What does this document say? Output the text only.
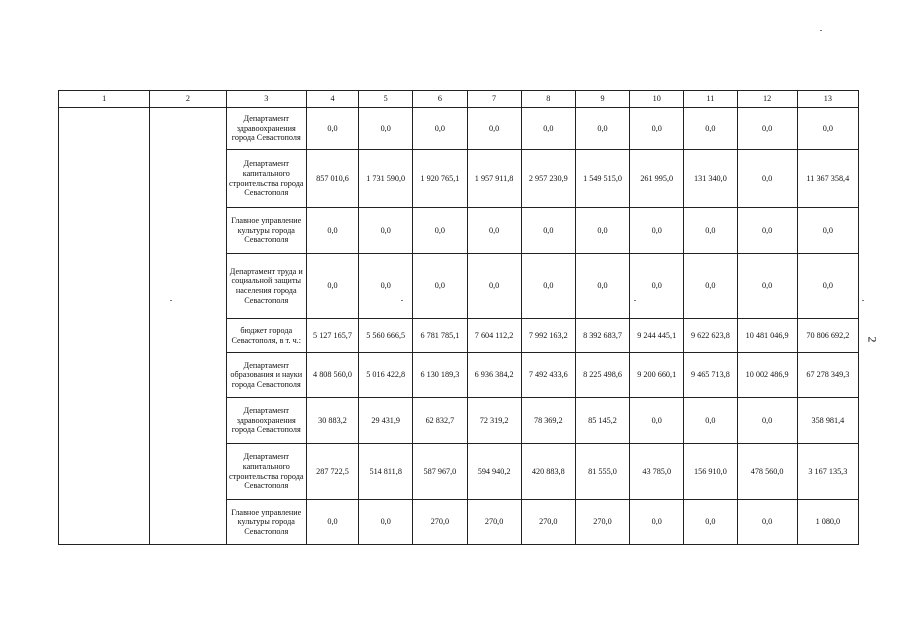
1	2	3	4	5	6	7	8	9	10	11	12	13
		Департамент здравоохранения города Севастополя	0,0	0,0	0,0	0,0	0,0	0,0	0,0	0,0	0,0	0,0
		Департамент капитального строительства города Севастополя	857 010,6	1 731 590,0	1 920 765,1	1 957 911,8	2 957 230,9	1 549 515,0	261 995,0	131 340,0	0,0	11 367 358,4
		Главное управление культуры города Севастополя	0,0	0,0	0,0	0,0	0,0	0,0	0,0	0,0	0,0	0,0
		Департамент труда и социальной защиты населения города Севастополя	0,0	0,0	0,0	0,0	0,0	0,0	0,0	0,0	0,0	0,0
		бюджет города Севастополя, в т. ч.:	5 127 165,7	5 560 666,5	6 781 785,1	7 604 112,2	7 992 163,2	8 392 683,7	9 244 445,1	9 622 623,8	10 481 046,9	70 806 692,2
		Департамент образования и науки города Севастополя	4 808 560,0	5 016 422,8	6 130 189,3	6 936 384,2	7 492 433,6	8 225 498,6	9 200 660,1	9 465 713,8	10 002 486,9	67 278 349,3
		Департамент здравоохранения города Севастополя	30 883,2	29 431,9	62 832,7	72 319,2	78 369,2	85 145,2	0,0	0,0	0,0	358 981,4
		Департамент капитального строительства города Севастополя	287 722,5	514 811,8	587 967,0	594 940,2	420 883,8	81 555,0	43 785,0	156 910,0	478 560,0	3 167 135,3
		Главное управление культуры города Севастополя	0,0	0,0	270,0	270,0	270,0	270,0	0,0	0,0	0,0	1 080,0
2
